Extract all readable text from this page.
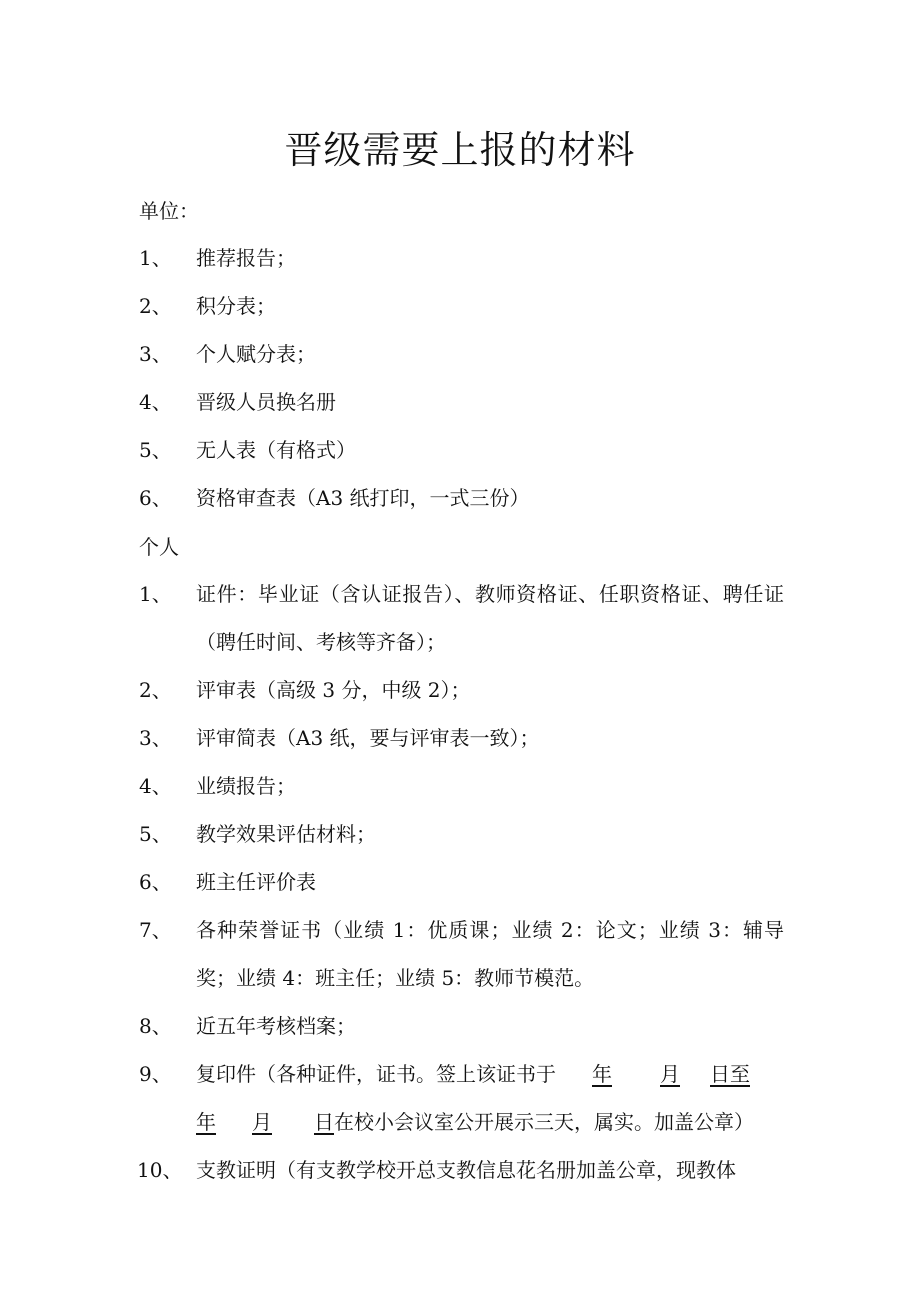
晋级需要上报的材料
单位：
1、 推荐报告；
2、 积分表；
3、 个人赋分表；
4、 晋级人员换名册
5、 无人表（有格式）
6、 资格审查表（A3 纸打印，一式三份）
个人
1、 证件：毕业证（含认证报告）、教师资格证、任职资格证、聘任证（聘任时间、考核等齐备）；
2、 评审表（高级 3 分，中级 2）；
3、 评审简表（A3 纸，要与评审表一致）；
4、 业绩报告；
5、 教学效果评估材料；
6、 班主任评价表
7、 各种荣誉证书（业绩 1：优质课；业绩 2：论文；业绩 3：辅导奖；业绩 4：班主任；业绩 5：教师节模范。
8、 近五年考核档案；
9、 复印件（各种证件，证书。签上该证书于 年 月 日至
年 月 日在校小会议室公开展示三天，属实。加盖公章）
10、 支教证明（有支教学校开总支教信息花名册加盖公章，现教体
